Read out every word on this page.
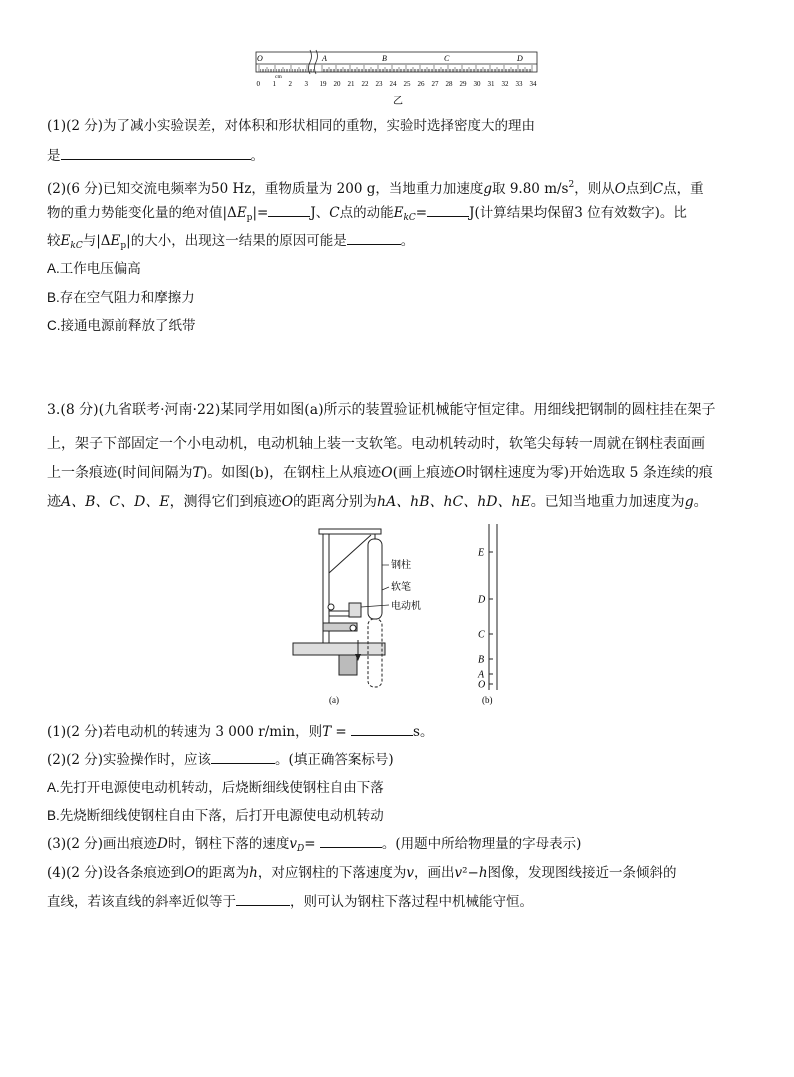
O	A	B	C	D
cm
0 1 2 3 19 20 21 22 23 24 25 26 27 28 29 30 31 32 33 34
乙
(1)(2 分)为了减小实验误差，对体积和形状相同的重物，实验时选择密度大的理由
是	。
(2)(6 分)已知交流电频率为50 Hz，重物质量为 200 g，当地重力加速度g取 9.80 $m/s^2$，则从O点到C点，重
物的重力势能变化量的绝对值$|\Delta E_p|=$	J、C点的动能$E_{kC}=$	J(计算结果均保留3 位有效数字)。比
较$E_{kC}$与$|\Delta E_p|$的大小，出现这一结果的原因可能是	。
A.工作电压偏高
B.存在空气阻力和摩擦力
C.接通电源前释放了纸带
3.(8 分)(九省联考·河南·22)某同学用如图(a)所示的装置验证机械能守恒定律。用细线把钢制的圆柱挂在架子
上，架子下部固定一个小电动机，电动机轴上装一支软笔。电动机转动时，软笔尖每转一周就在钢柱表面画
上一条痕迹(时间间隔为T)。如图(b)，在钢柱上从痕迹O(画上痕迹O时钢柱速度为零)开始选取 5 条连续的痕
迹A、B、C、D、E，测得它们到痕迹O的距离分别为hA、hB、hC、hD、hE。已知当地重力加速度为g。
钢柱
软笔
电动机
(a)
E
D
C
B
A
O
(b)
(1)(2 分)若电动机的转速为 3 000 r/min，则T =	s。
(2)(2 分)实验操作时，应该	。(填正确答案标号)
A.先打开电源使电动机转动，后烧断细线使钢柱自由下落
B.先烧断细线使钢柱自由下落，后打开电源使电动机转动
(3)(2 分)画出痕迹D时，钢柱下落的速度$v_D=$	。(用题中所给物理量的字母表示)
(4)(2 分)设各条痕迹到O的距离为h，对应钢柱的下落速度为v，画出v²−h图像，发现图线接近一条倾斜的
直线，若该直线的斜率近似等于	，则可认为钢柱下落过程中机械能守恒。
